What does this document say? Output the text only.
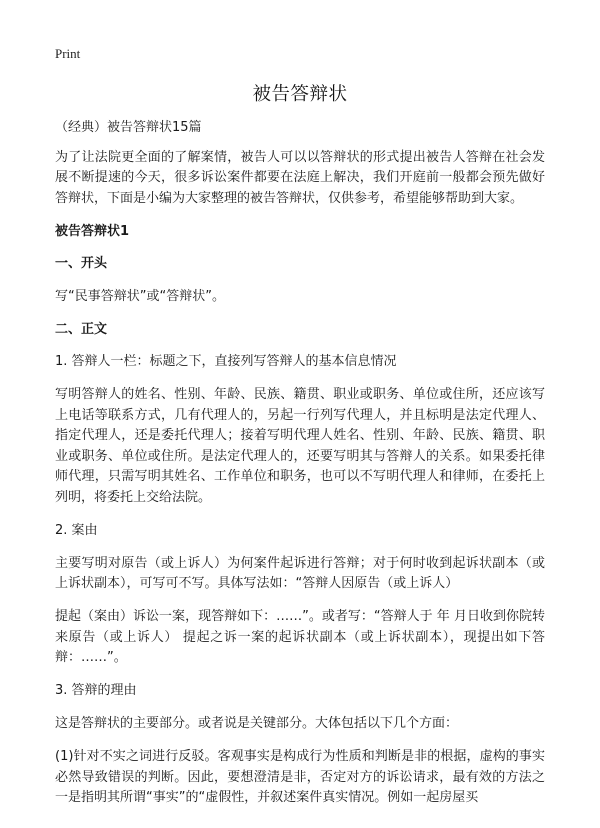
Print
被告答辩状

（经典）被告答辩状15篇

为了让法院更全面的了解案情，被告人可以以答辩状的形式提出被告人答辩在社会发展不断提速的今天，很多诉讼案件都要在法庭上解决，我们开庭前一般都会预先做好答辩状，下面是小编为大家整理的被告答辩状，仅供参考，希望能够帮助到大家。

被告答辩状1

一、开头

写“民事答辩状”或“答辩状”。

二、正文

1. 答辩人一栏：标题之下，直接列写答辩人的基本信息情况

写明答辩人的姓名、性别、年龄、民族、籍贯、职业或职务、单位或住所，还应该写上电话等联系方式，几有代理人的，另起一行列写代理人，并且标明是法定代理人、指定代理人，还是委托代理人；接着写明代理人姓名、性别、年龄、民族、籍贯、职业或职务、单位或住所。是法定代理人的，还要写明其与答辩人的关系。如果委托律师代理，只需写明其姓名、工作单位和职务，也可以不写明代理人和律师，在委托上列明，将委托上交给法院。

2. 案由

主要写明对原告（或上诉人）为何案件起诉进行答辩；对于何时收到起诉状副本（或上诉状副本），可写可不写。具体写法如：“答辩人因原告（或上诉人）

提起（案由）诉讼一案，现答辩如下：……”。或者写：“答辩人于 年 月日收到你院转来原告（或上诉人） 提起之诉一案的起诉状副本（或上诉状副本），现提出如下答辩：……”。

3. 答辩的理由

这是答辩状的主要部分。或者说是关键部分。大体包括以下几个方面：

(1)针对不实之词进行反驳。客观事实是构成行为性质和判断是非的根据，虚构的事实必然导致错误的判断。因此，要想澄清是非，否定对方的诉讼请求，最有效的方法之一是指明其所谓“事实”的“虚假性，并叙述案件真实情况。例如一起房屋买
